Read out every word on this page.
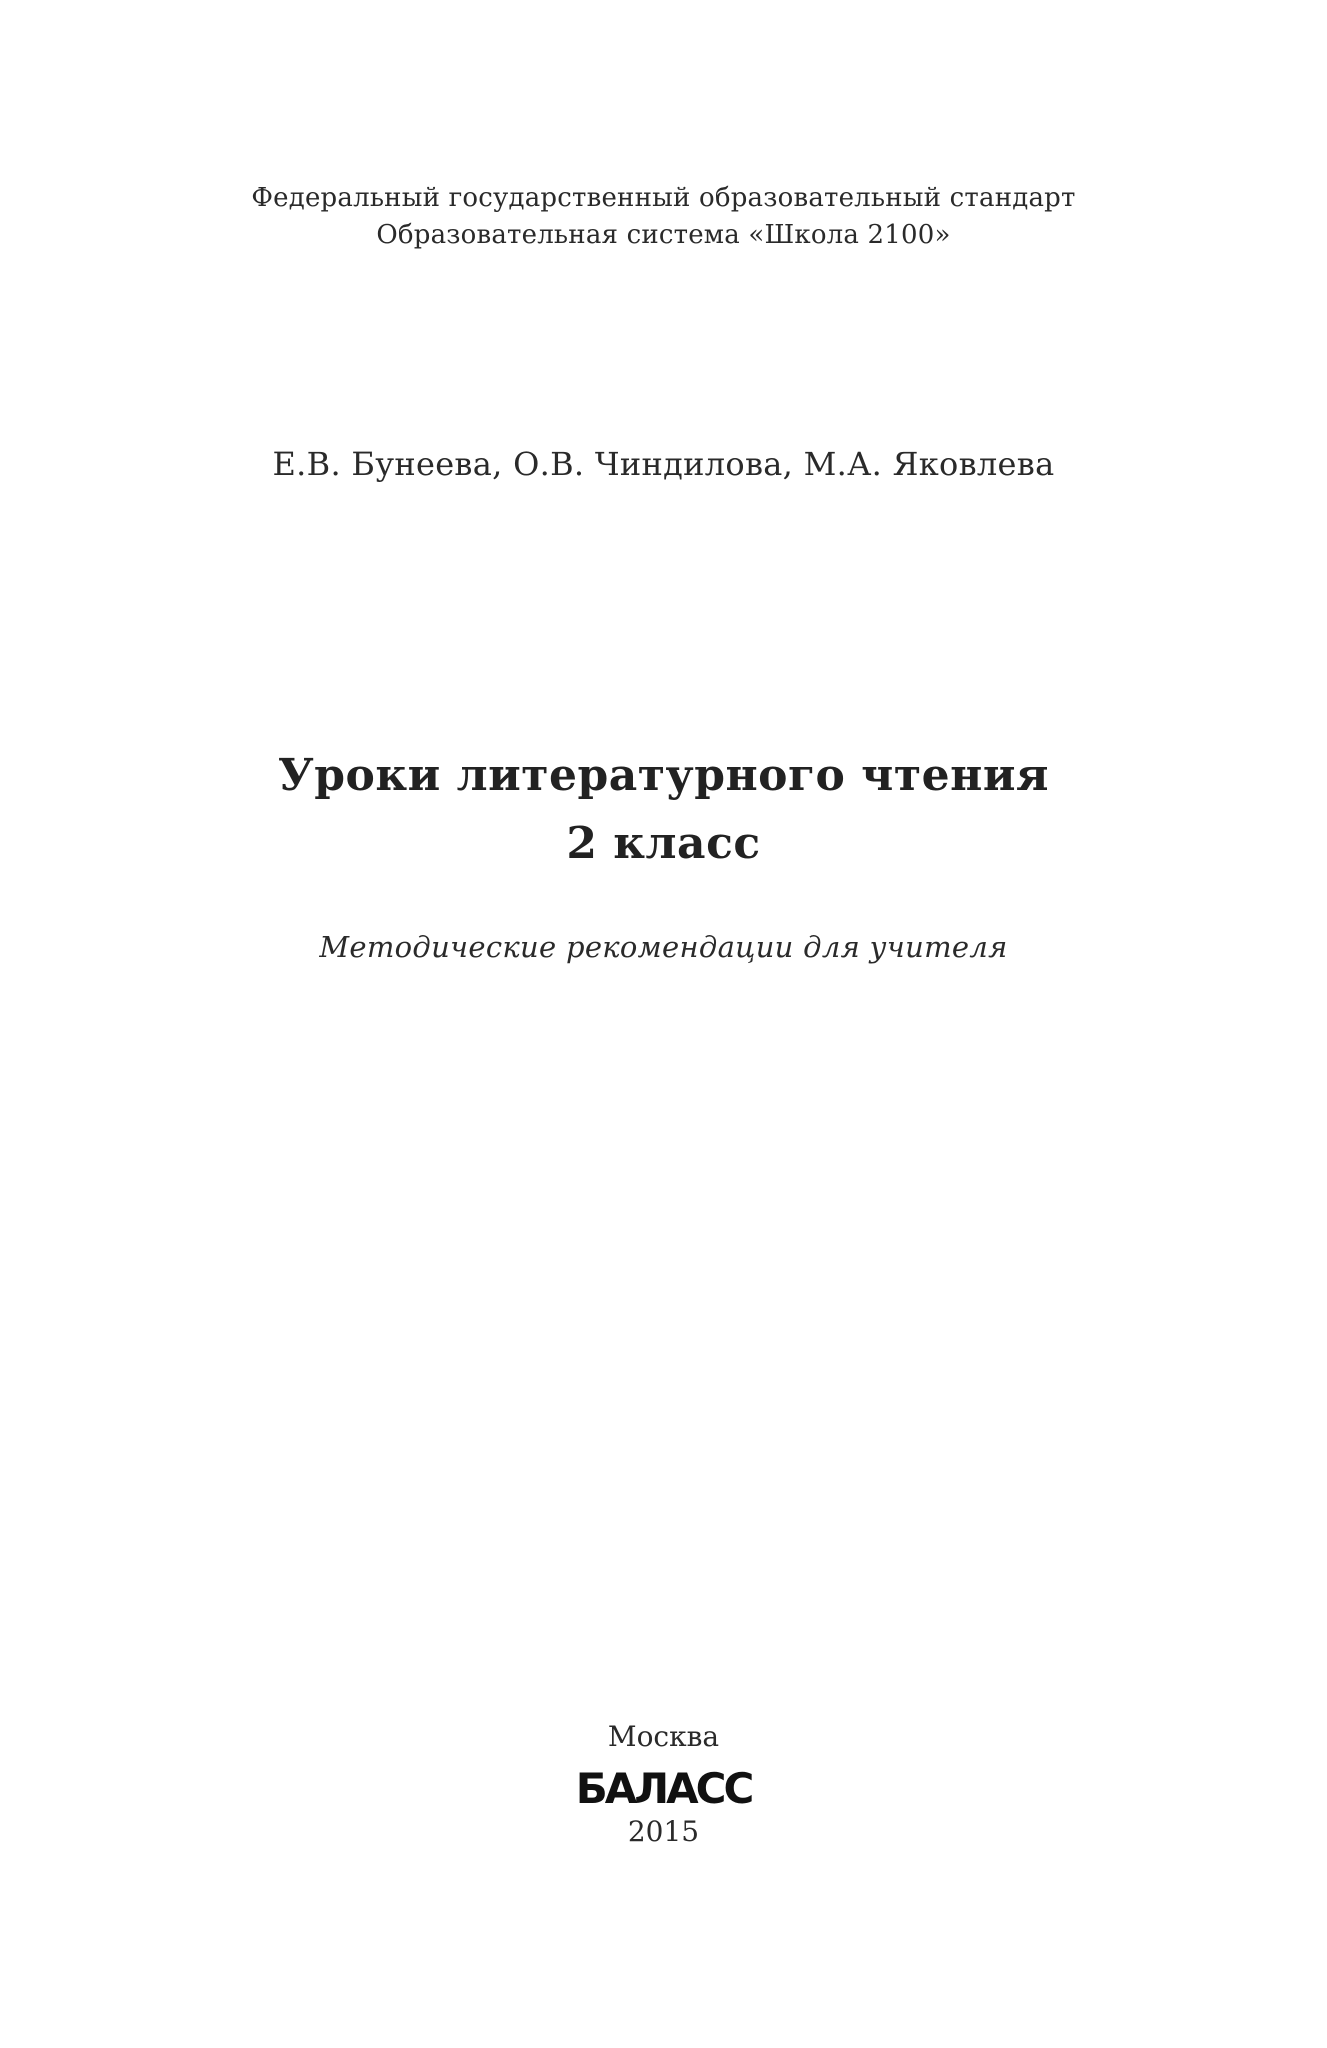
Федеральный государственный образовательный стандарт
Образовательная система «Школа 2100»
Е.В. Бунеева, О.В. Чиндилова, М.А. Яковлева
Уроки литературного чтения
2 класс
Методические рекомендации для учителя
Москва
БАЛАСС
2015
